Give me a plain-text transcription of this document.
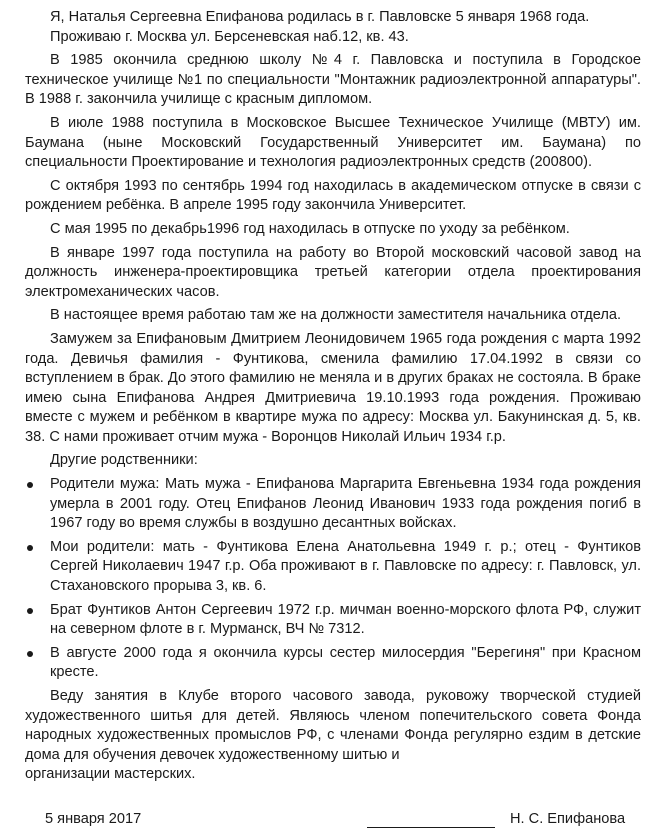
Я, Наталья Сергеевна Епифанова родилась в г. Павловске 5 января 1968 года.

Проживаю г. Москва ул. Берсеневская наб.12, кв. 43.

В 1985 окончила среднюю школу №4 г. Павловска и поступила в Городское техническое училище №1 по специальности "Монтажник радиоэлектронной аппаратуры". В 1988 г. закончила училище с красным дипломом.

В июле 1988 поступила в Московское Высшее Техническое Училище (МВТУ) им. Баумана (ныне Московский Государственный Университет им. Баумана) по специальности Проектирование и технология радиоэлектронных средств (200800).

С октября 1993 по сентябрь 1994 год находилась в академическом отпуске в связи с рождением ребёнка. В апреле 1995 году закончила Университет.

С мая 1995 по декабрь1996 год находилась в отпуске по уходу за ребёнком.

В январе 1997 года поступила на работу во Второй московский часовой завод на должность инженера-проектировщика третьей категории отдела проектирования электромеханических часов.

В настоящее время работаю там же на должности заместителя начальника отдела.

Замужем за Епифановым Дмитрием Леонидовичем 1965 года рождения с марта 1992 года. Девичья фамилия - Фунтикова, сменила фамилию 17.04.1992 в связи со вступлением в брак. До этого фамилию не меняла и в других браках не состояла. В браке имею сына Епифанова Андрея Дмитриевича 19.10.1993 года рождения. Проживаю вместе с мужем и ребёнком в квартире мужа по адресу: Москва ул. Бакунинская д. 5, кв. 38. С нами проживает отчим мужа - Воронцов Николай Ильич 1934 г.р.

Другие родственники:

Родители мужа: Мать мужа - Епифанова Маргарита Евгеньевна 1934 года рождения умерла в 2001 году. Отец Епифанов Леонид Иванович 1933 года рождения погиб в 1967 году во время службы в воздушно десантных войсках.
Мои родители: мать - Фунтикова Елена Анатольевна 1949 г. р.; отец - Фунтиков Сергей Николаевич 1947 г.р. Оба проживают в г. Павловске по адресу: г. Павловск, ул. Стахановского прорыва 3, кв. 6.
Брат Фунтиков Антон Сергеевич 1972 г.р. мичман военно-морского флота РФ, служит на северном флоте в г. Мурманск, ВЧ № 7312.
В августе 2000 года я окончила курсы сестер милосердия "Берегиня" при Красном кресте.

Веду занятия в Клубе второго часового завода, руковожу творческой студией художественного шитья для детей. Являюсь членом попечительского совета Фонда народных художественных промыслов РФ, с членами Фонда регулярно ездим в детские дома для обучения девочек художественному шитью и

организации мастерских.
5 января 2017	Н. С. Епифанова
